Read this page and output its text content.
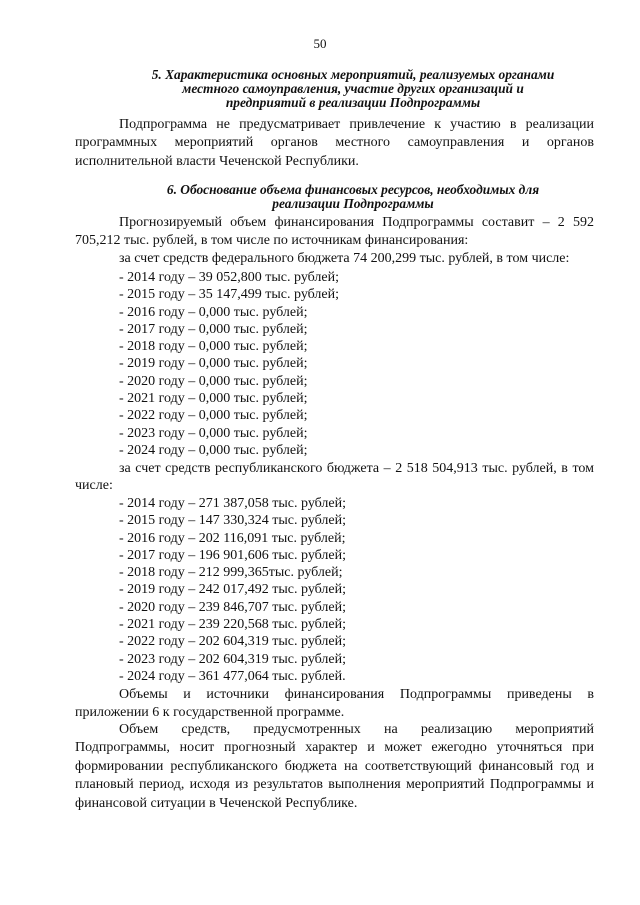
50
5. Характеристика основных мероприятий, реализуемых органами
местного самоуправления, участие других организаций и
предприятий в реализации Подпрограммы
Подпрограмма не предусматривает привлечение к участию в реализации программных мероприятий органов местного самоуправления и органов исполнительной власти Чеченской Республики.
6. Обоснование объема финансовых ресурсов, необходимых для
реализации Подпрограммы
Прогнозируемый объем финансирования Подпрограммы составит – 2 592 705,212 тыс. рублей, в том числе по источникам финансирования:
за счет средств федерального бюджета 74 200,299 тыс. рублей, в том числе:
- 2014 году – 39 052,800 тыс. рублей;
- 2015 году – 35 147,499 тыс. рублей;
- 2016 году – 0,000 тыс. рублей;
- 2017 году – 0,000 тыс. рублей;
- 2018 году – 0,000 тыс. рублей;
- 2019 году – 0,000 тыс. рублей;
- 2020 году – 0,000 тыс. рублей;
- 2021 году – 0,000 тыс. рублей;
- 2022 году – 0,000 тыс. рублей;
- 2023 году – 0,000 тыс. рублей;
- 2024 году – 0,000 тыс. рублей;
за счет средств республиканского бюджета – 2 518 504,913 тыс. рублей, в том числе:
- 2014 году – 271 387,058 тыс. рублей;
- 2015 году – 147 330,324 тыс. рублей;
- 2016 году – 202 116,091 тыс. рублей;
- 2017 году – 196 901,606 тыс. рублей;
- 2018 году – 212 999,365тыс. рублей;
- 2019 году – 242 017,492 тыс. рублей;
- 2020 году – 239 846,707 тыс. рублей;
- 2021 году – 239 220,568 тыс. рублей;
- 2022 году – 202 604,319 тыс. рублей;
- 2023 году – 202 604,319 тыс. рублей;
- 2024 году – 361 477,064 тыс. рублей.
Объемы и источники финансирования Подпрограммы приведены в приложении 6 к государственной программе.
Объем средств, предусмотренных на реализацию мероприятий Подпрограммы, носит прогнозный характер и может ежегодно уточняться при формировании республиканского бюджета на соответствующий финансовый год и плановый период, исходя из результатов выполнения мероприятий Подпрограммы и финансовой ситуации в Чеченской Республике.
